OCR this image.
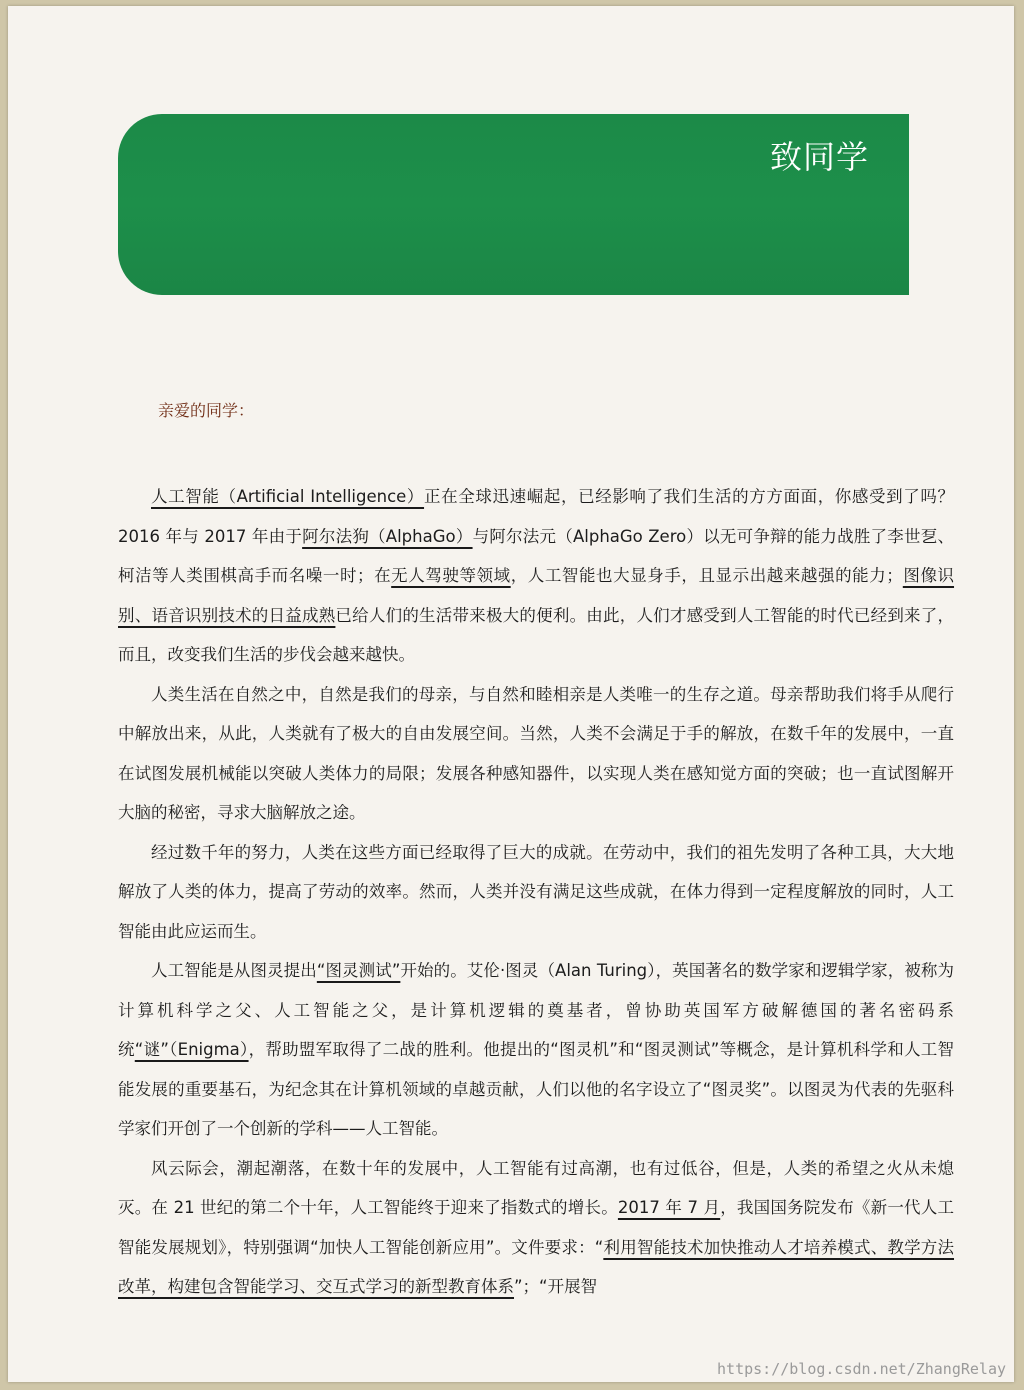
致同学
亲爱的同学：

人工智能（Artificial Intelligence）正在全球迅速崛起，已经影响了我们生活的方方面面，你感受到了吗？2016 年与 2017 年由于阿尔法狗（AlphaGo）与阿尔法元（AlphaGo Zero）以无可争辩的能力战胜了李世乭、柯洁等人类围棋高手而名噪一时；在无人驾驶等领域，人工智能也大显身手，且显示出越来越强的能力；图像识别、语音识别技术的日益成熟已给人们的生活带来极大的便利。由此，人们才感受到人工智能的时代已经到来了，而且，改变我们生活的步伐会越来越快。

人类生活在自然之中，自然是我们的母亲，与自然和睦相亲是人类唯一的生存之道。母亲帮助我们将手从爬行中解放出来，从此，人类就有了极大的自由发展空间。当然，人类不会满足于手的解放，在数千年的发展中，一直在试图发展机械能以突破人类体力的局限；发展各种感知器件，以实现人类在感知觉方面的突破；也一直试图解开大脑的秘密，寻求大脑解放之途。

经过数千年的努力，人类在这些方面已经取得了巨大的成就。在劳动中，我们的祖先发明了各种工具，大大地解放了人类的体力，提高了劳动的效率。然而，人类并没有满足这些成就，在体力得到一定程度解放的同时，人工智能由此应运而生。

人工智能是从图灵提出“图灵测试”开始的。艾伦·图灵（Alan Turing），英国著名的数学家和逻辑学家，被称为计算机科学之父、人工智能之父，是计算机逻辑的奠基者，曾协助英国军方破解德国的著名密码系统“谜”（Enigma），帮助盟军取得了二战的胜利。他提出的“图灵机”和“图灵测试”等概念，是计算机科学和人工智能发展的重要基石，为纪念其在计算机领域的卓越贡献，人们以他的名字设立了“图灵奖”。以图灵为代表的先驱科学家们开创了一个创新的学科——人工智能。

风云际会，潮起潮落，在数十年的发展中，人工智能有过高潮，也有过低谷，但是，人类的希望之火从未熄灭。在 21 世纪的第二个十年，人工智能终于迎来了指数式的增长。2017 年 7 月，我国国务院发布《新一代人工智能发展规划》，特别强调“加快人工智能创新应用”。文件要求：“利用智能技术加快推动人才培养模式、教学方法改革，构建包含智能学习、交互式学习的新型教育体系”；“开展智

https://blog.csdn.net/ZhangRelay
